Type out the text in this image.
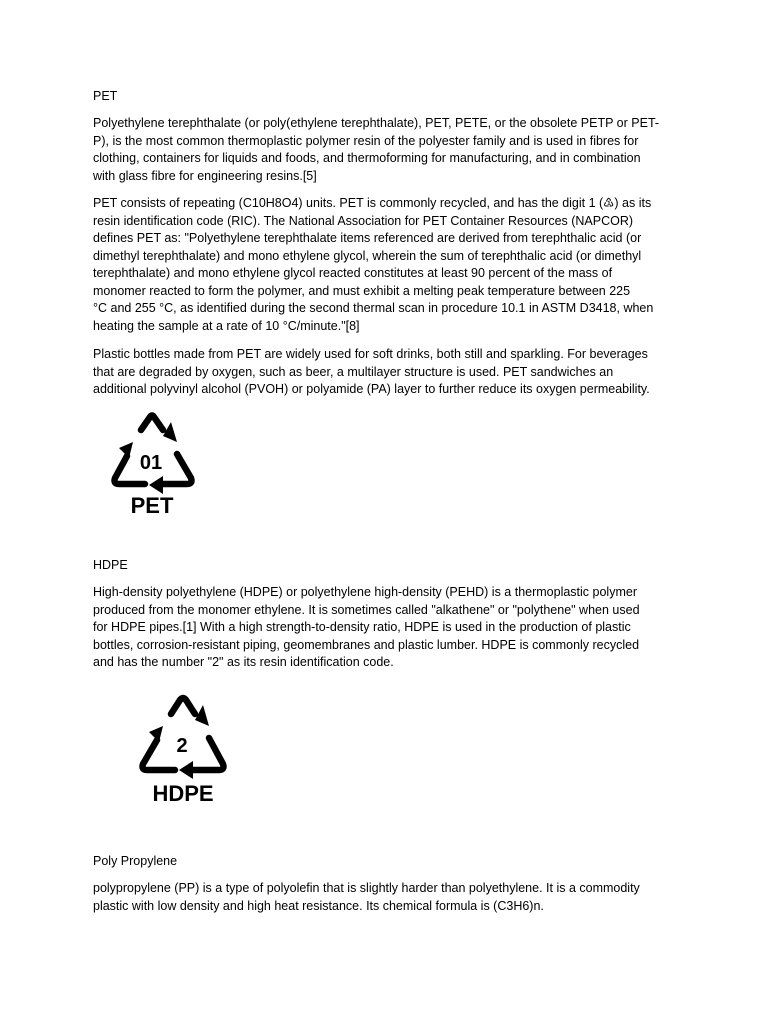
PET
Polyethylene terephthalate (or poly(ethylene terephthalate), PET, PETE, or the obsolete PETP or PET-
P), is the most common thermoplastic polymer resin of the polyester family and is used in fibres for
clothing, containers for liquids and foods, and thermoforming for manufacturing, and in combination
with glass fibre for engineering resins.[5]
PET consists of repeating (C10H8O4) units. PET is commonly recycled, and has the digit 1 (♳) as its
resin identification code (RIC). The National Association for PET Container Resources (NAPCOR)
defines PET as: "Polyethylene terephthalate items referenced are derived from terephthalic acid (or
dimethyl terephthalate) and mono ethylene glycol, wherein the sum of terephthalic acid (or dimethyl
terephthalate) and mono ethylene glycol reacted constitutes at least 90 percent of the mass of
monomer reacted to form the polymer, and must exhibit a melting peak temperature between 225
°C and 255 °C, as identified during the second thermal scan in procedure 10.1 in ASTM D3418, when
heating the sample at a rate of 10 °C/minute."[8]
Plastic bottles made from PET are widely used for soft drinks, both still and sparkling. For beverages
that are degraded by oxygen, such as beer, a multilayer structure is used. PET sandwiches an
additional polyvinyl alcohol (PVOH) or polyamide (PA) layer to further reduce its oxygen permeability.
01
PET
HDPE
High-density polyethylene (HDPE) or polyethylene high-density (PEHD) is a thermoplastic polymer
produced from the monomer ethylene. It is sometimes called "alkathene" or "polythene" when used
for HDPE pipes.[1] With a high strength-to-density ratio, HDPE is used in the production of plastic
bottles, corrosion-resistant piping, geomembranes and plastic lumber. HDPE is commonly recycled
and has the number "2" as its resin identification code.
2
HDPE
Poly Propylene
polypropylene (PP) is a type of polyolefin that is slightly harder than polyethylene. It is a commodity
plastic with low density and high heat resistance. Its chemical formula is (C3H6)n.
